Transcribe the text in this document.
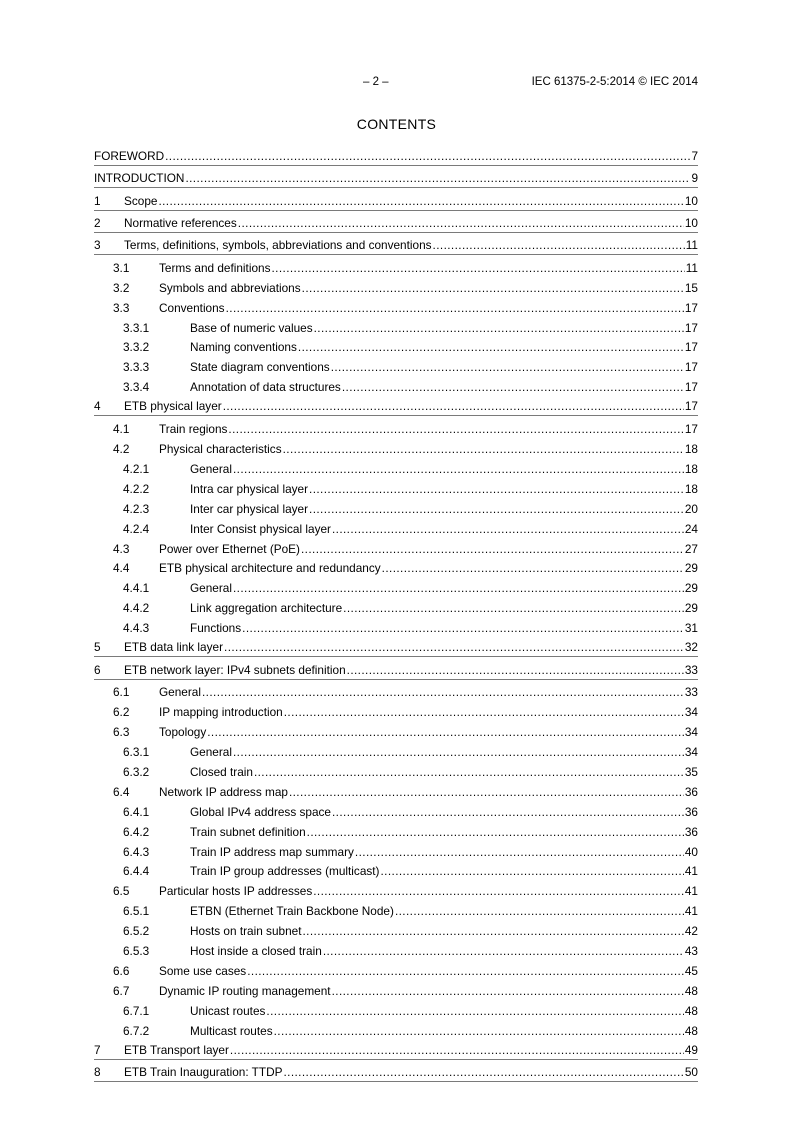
– 2 –	IEC 61375-2-5:2014 © IEC 2014
CONTENTS
FOREWORD .....	7
INTRODUCTION .....	9
1	Scope .....	10
2	Normative references .....	10
3	Terms, definitions, symbols, abbreviations and conventions .....	11
3.1	Terms and definitions .....	11
3.2	Symbols and abbreviations .....	15
3.3	Conventions .....	17
3.3.1	Base of numeric values .....	17
3.3.2	Naming conventions .....	17
3.3.3	State diagram conventions .....	17
3.3.4	Annotation of data structures .....	17
4	ETB physical layer .....	17
4.1	Train regions .....	17
4.2	Physical characteristics .....	18
4.2.1	General .....	18
4.2.2	Intra car physical layer .....	18
4.2.3	Inter car physical layer .....	20
4.2.4	Inter Consist physical layer .....	24
4.3	Power over Ethernet (PoE) .....	27
4.4	ETB physical architecture and redundancy .....	29
4.4.1	General .....	29
4.4.2	Link aggregation architecture .....	29
4.4.3	Functions .....	31
5	ETB data link layer .....	32
6	ETB network layer: IPv4 subnets definition .....	33
6.1	General .....	33
6.2	IP mapping introduction .....	34
6.3	Topology .....	34
6.3.1	General .....	34
6.3.2	Closed train .....	35
6.4	Network IP address map .....	36
6.4.1	Global IPv4 address space .....	36
6.4.2	Train subnet definition .....	36
6.4.3	Train IP address map summary .....	40
6.4.4	Train IP group addresses (multicast) .....	41
6.5	Particular hosts IP addresses .....	41
6.5.1	ETBN (Ethernet Train Backbone Node) .....	41
6.5.2	Hosts on train subnet .....	42
6.5.3	Host inside a closed train .....	43
6.6	Some use cases .....	45
6.7	Dynamic IP routing management .....	48
6.7.1	Unicast routes .....	48
6.7.2	Multicast routes .....	48
7	ETB Transport layer .....	49
8	ETB Train Inauguration: TTDP .....	50
